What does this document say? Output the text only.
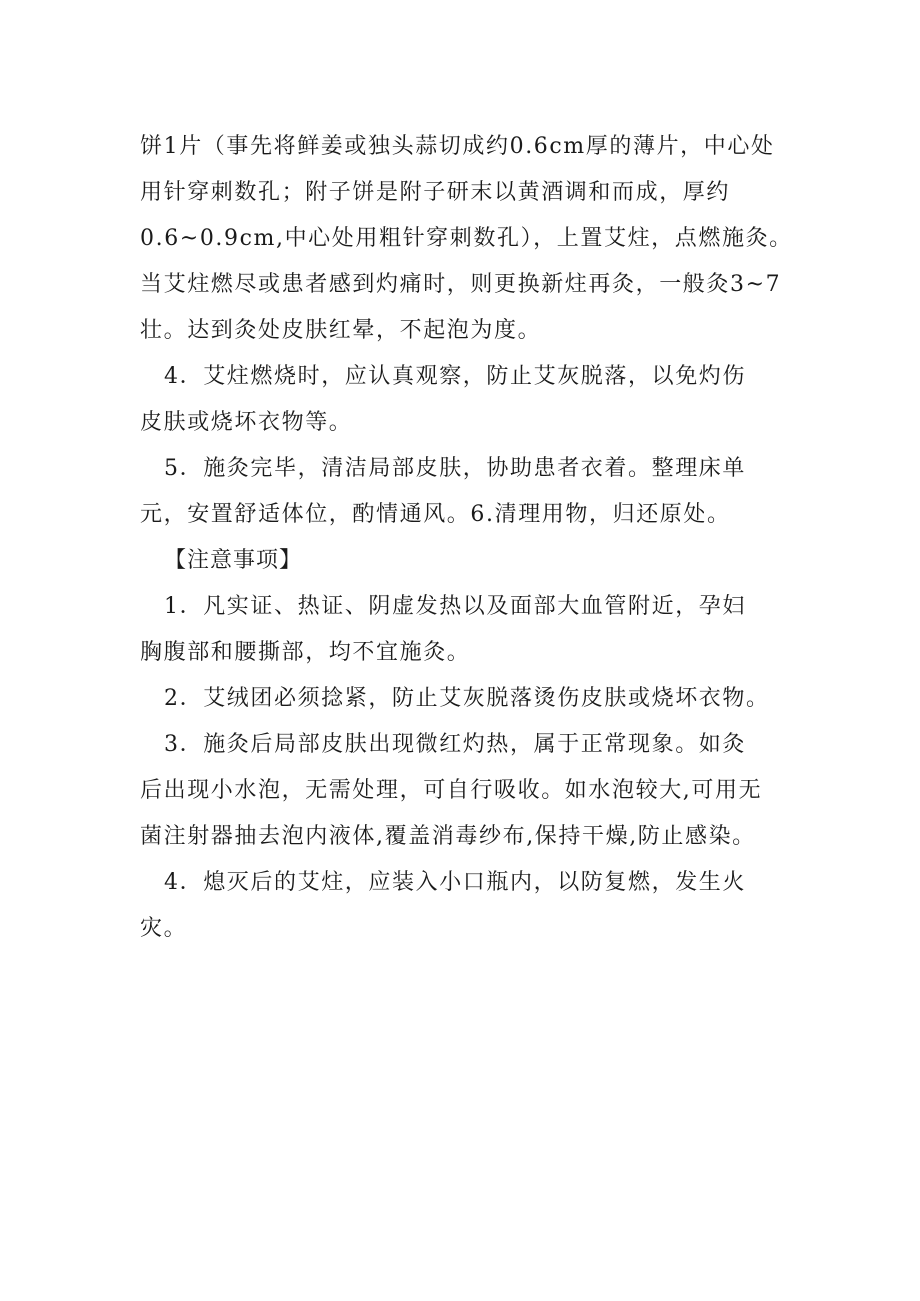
饼1片（事先将鲜姜或独头蒜切成约0.6cm厚的薄片，中心处
用针穿刺数孔；附子饼是附子研末以黄酒调和而成，厚约
0.6~0.9cm,中心处用粗针穿刺数孔），上置艾炷，点燃施灸。
当艾炷燃尽或患者感到灼痛时，则更换新炷再灸，一般灸3~7
壮。达到灸处皮肤红晕，不起泡为度。
4．艾炷燃烧时，应认真观察，防止艾灰脱落，以免灼伤
皮肤或烧坏衣物等。
5．施灸完毕，清洁局部皮肤，协助患者衣着。整理床单
元，安置舒适体位，酌情通风。6.清理用物，归还原处。
【注意事项】
1．凡实证、热证、阴虚发热以及面部大血管附近，孕妇
胸腹部和腰撕部，均不宜施灸。
2．艾绒团必须捻紧，防止艾灰脱落烫伤皮肤或烧坏衣物。
3．施灸后局部皮肤出现微红灼热，属于正常现象。如灸
后出现小水泡，无需处理，可自行吸收。如水泡较大,可用无
菌注射器抽去泡内液体,覆盖消毒纱布,保持干燥,防止感染。
4．熄灭后的艾炷，应装入小口瓶内，以防复燃，发生火
灾。
